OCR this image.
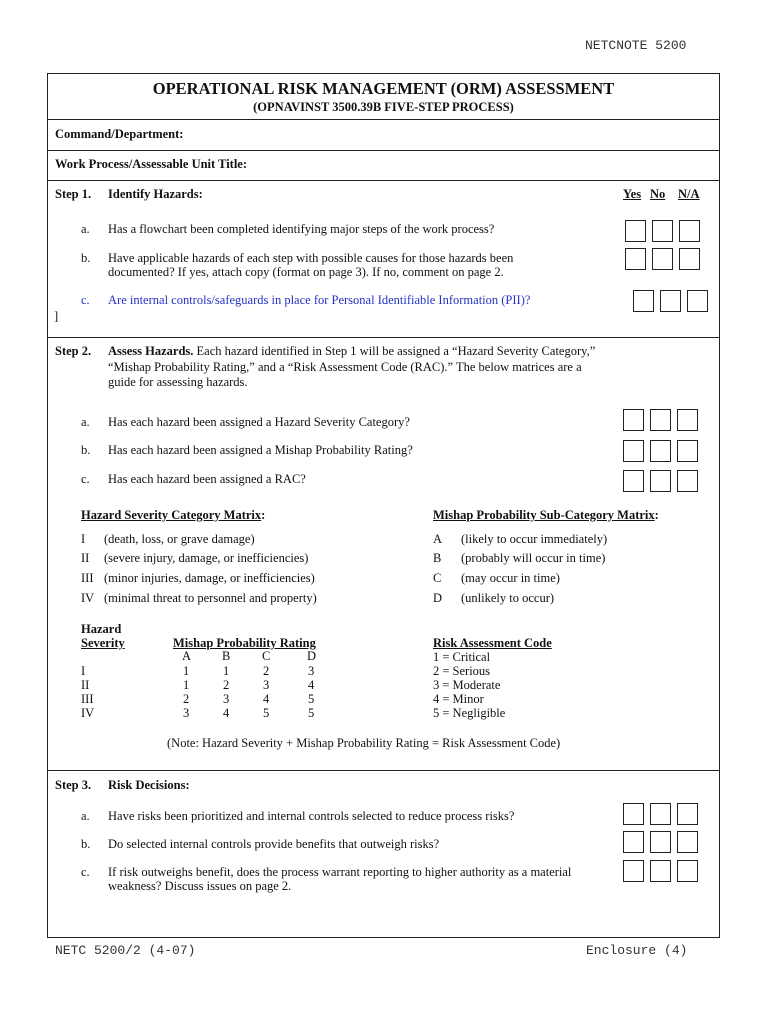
NETCNOTE 5200
OPERATIONAL RISK MANAGEMENT (ORM) ASSESSMENT
(OPNAVINST 3500.39B FIVE-STEP PROCESS)
Command/Department:
Work Process/Assessable Unit Title:
Step 1. Identify Hazards:	Yes No N/A
a. Has a flowchart been completed identifying major steps of the work process?
b. Have applicable hazards of each step with possible causes for those hazards been documented? If yes, attach copy (format on page 3). If no, comment on page 2.
c. Are internal controls/safeguards in place for Personal Identifiable Information (PII)?
]
Step 2. Assess Hazards. Each hazard identified in Step 1 will be assigned a “Hazard Severity Category,” “Mishap Probability Rating,” and a “Risk Assessment Code (RAC).” The below matrices are a guide for assessing hazards.
a. Has each hazard been assigned a Hazard Severity Category?
b. Has each hazard been assigned a Mishap Probability Rating?
c. Has each hazard been assigned a RAC?
Hazard Severity Category Matrix:
I (death, loss, or grave damage)
II (severe injury, damage, or inefficiencies)
III (minor injuries, damage, or inefficiencies)
IV (minimal threat to personnel and property)
Mishap Probability Sub-Category Matrix:
A (likely to occur immediately)
B (probably will occur in time)
C (may occur in time)
D (unlikely to occur)
Hazard
Severity	Mishap Probability Rating
A B	C	D
I	1	1	2	3
II	1	2	3	4
III	2	3	4	5
IV	3	4	5	5
Risk Assessment Code
1 = Critical
2 = Serious
3 = Moderate
4 = Minor
5 = Negligible
(Note: Hazard Severity + Mishap Probability Rating = Risk Assessment Code)
Step 3. Risk Decisions:
a. Have risks been prioritized and internal controls selected to reduce process risks?
b. Do selected internal controls provide benefits that outweigh risks?
c. If risk outweighs benefit, does the process warrant reporting to higher authority as a material weakness? Discuss issues on page 2.
NETC 5200/2 (4-07)	Enclosure (4)
